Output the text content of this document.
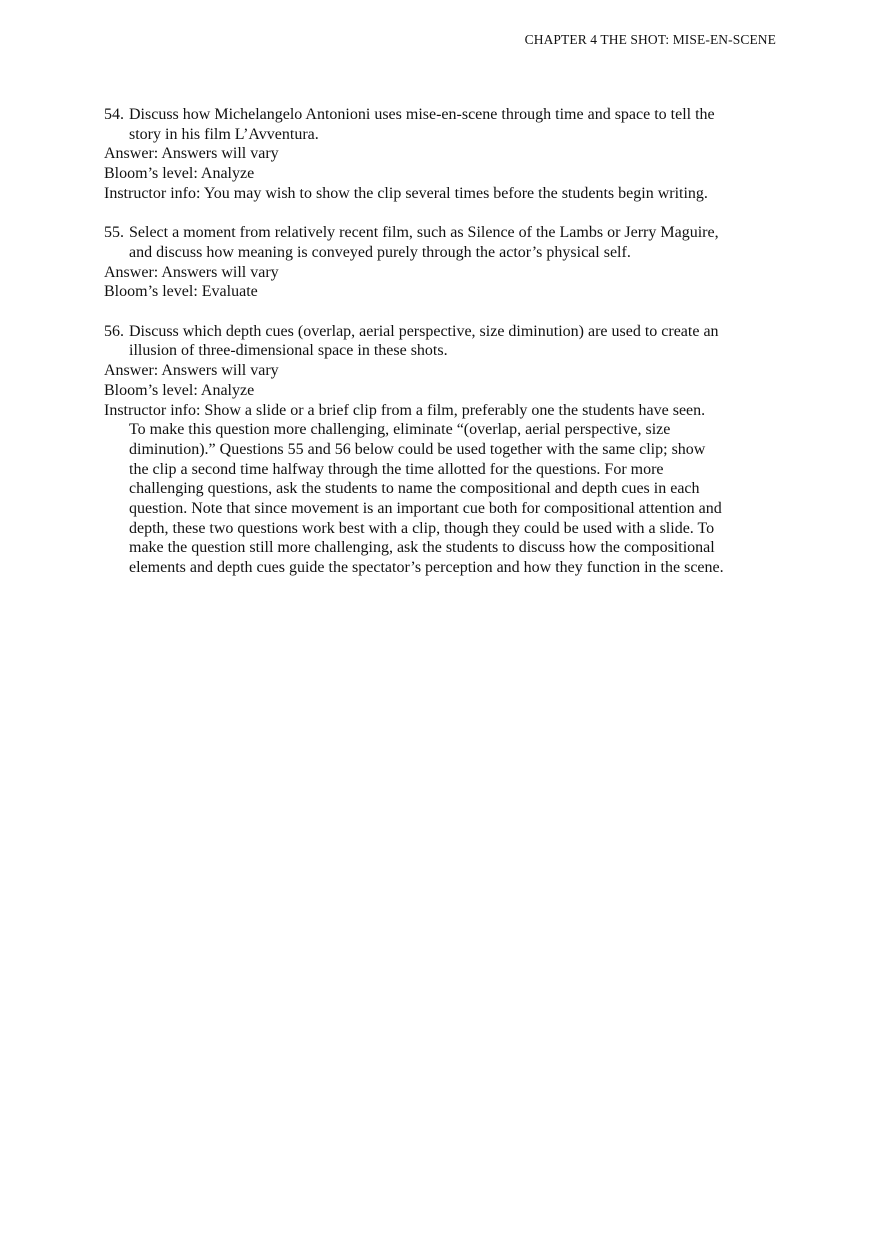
CHAPTER 4 THE SHOT: MISE-EN-SCENE
54. Discuss how Michelangelo Antonioni uses mise-en-scene through time and space to tell the story in his film L’Avventura.
Answer: Answers will vary
Bloom’s level: Analyze
Instructor info: You may wish to show the clip several times before the students begin writing.
55. Select a moment from relatively recent film, such as Silence of the Lambs or Jerry Maguire, and discuss how meaning is conveyed purely through the actor’s physical self.
Answer: Answers will vary
Bloom’s level: Evaluate
56. Discuss which depth cues (overlap, aerial perspective, size diminution) are used to create an illusion of three-dimensional space in these shots.
Answer: Answers will vary
Bloom’s level: Analyze
Instructor info: Show a slide or a brief clip from a film, preferably one the students have seen. To make this question more challenging, eliminate “(overlap, aerial perspective, size diminution).” Questions 55 and 56 below could be used together with the same clip; show the clip a second time halfway through the time allotted for the questions. For more challenging questions, ask the students to name the compositional and depth cues in each question. Note that since movement is an important cue both for compositional attention and depth, these two questions work best with a clip, though they could be used with a slide. To make the question still more challenging, ask the students to discuss how the compositional elements and depth cues guide the spectator’s perception and how they function in the scene.
